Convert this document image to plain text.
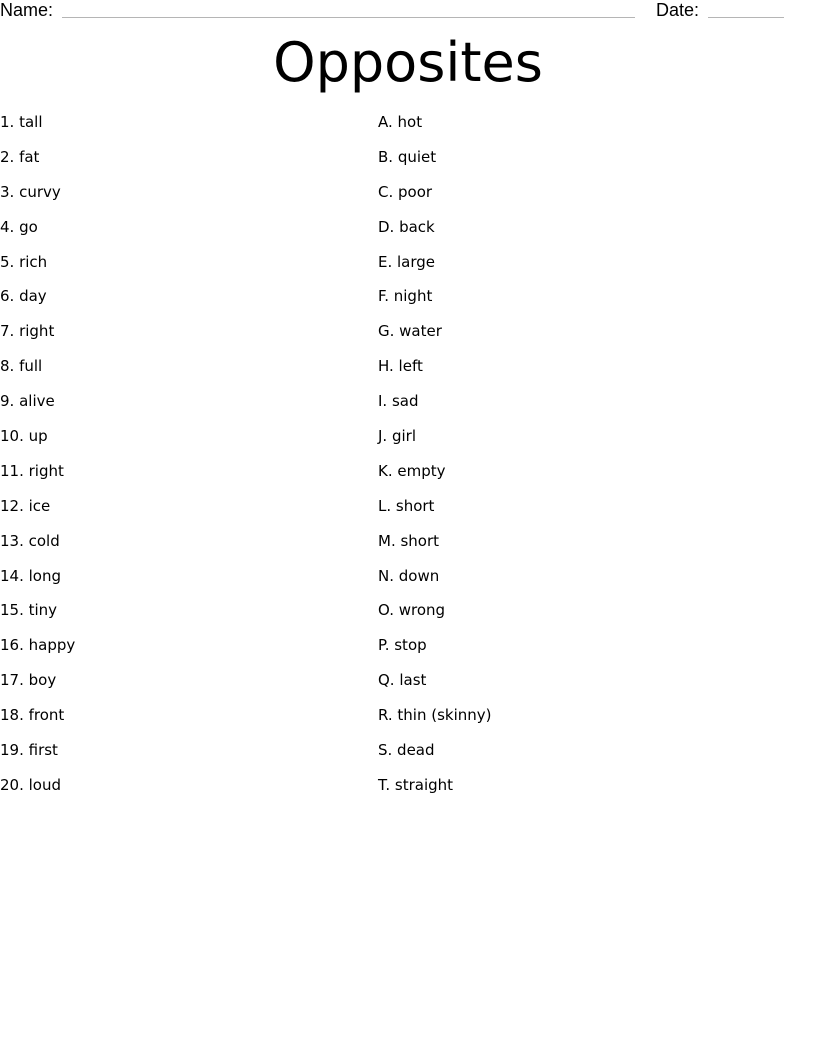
Name:	Date:
Opposites
1. tall
2. fat
3. curvy
4. go
5. rich
6. day
7. right
8. full
9. alive
10. up
11. right
12. ice
13. cold
14. long
15. tiny
16. happy
17. boy
18. front
19. first
20. loud
A. hot
B. quiet
C. poor
D. back
E. large
F. night
G. water
H. left
I. sad
J. girl
K. empty
L. short
M. short
N. down
O. wrong
P. stop
Q. last
R. thin (skinny)
S. dead
T. straight
